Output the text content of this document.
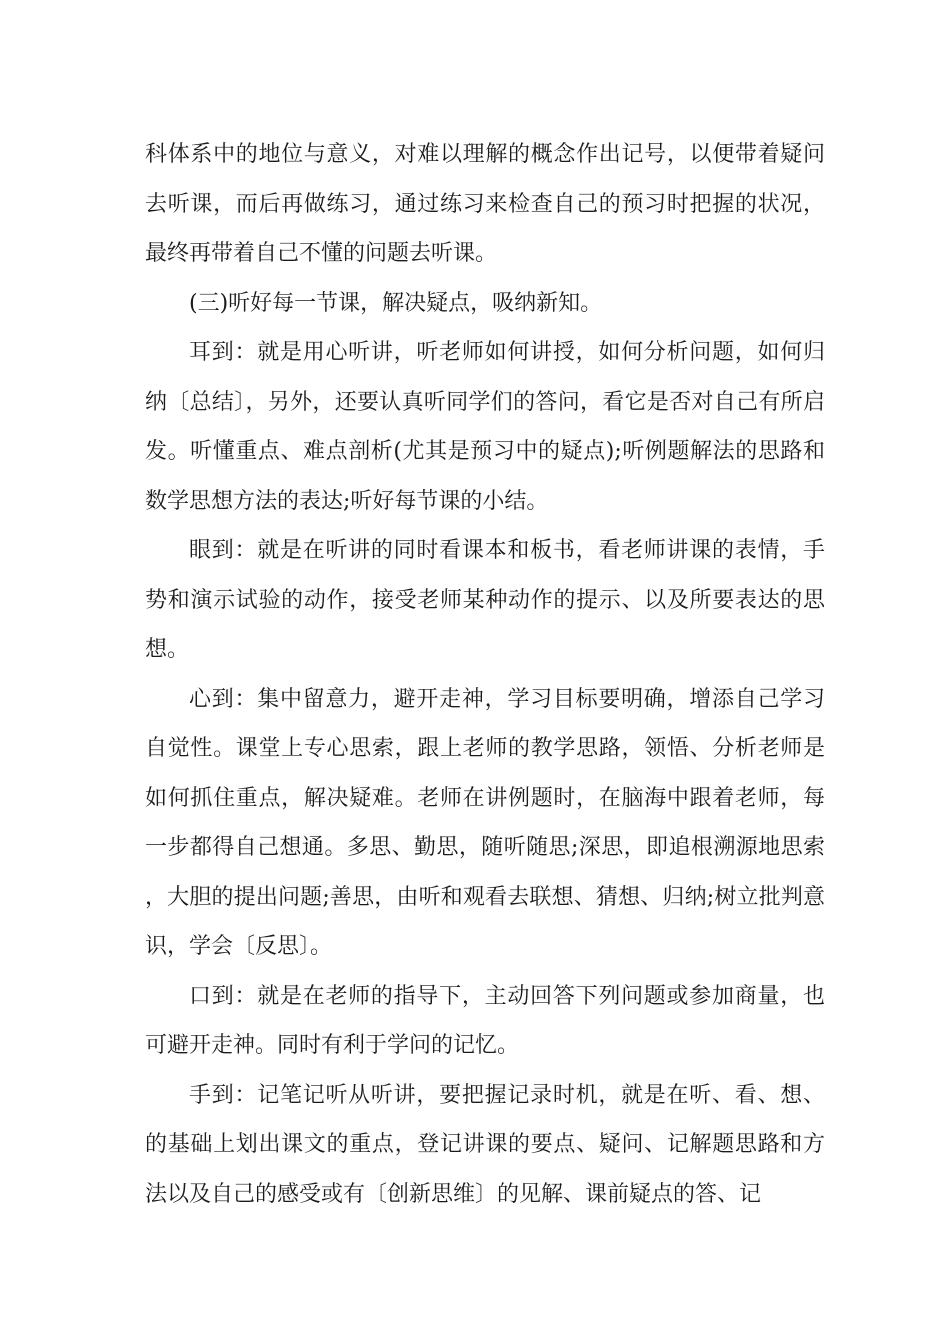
科体系中的地位与意义，对难以理解的概念作出记号，以便带着疑问去听课，而后再做练习，通过练习来检查自己的预习时把握的状况，最终再带着自己不懂的问题去听课。

(三)听好每一节课，解决疑点，吸纳新知。

耳到：就是用心听讲，听老师如何讲授，如何分析问题，如何归纳〔总结〕，另外，还要认真听同学们的答问，看它是否对自己有所启发。听懂重点、难点剖析(尤其是预习中的疑点);听例题解法的思路和数学思想方法的表达;听好每节课的小结。

眼到：就是在听讲的同时看课本和板书，看老师讲课的表情，手势和演示试验的动作，接受老师某种动作的提示、以及所要表达的思想。

心到：集中留意力，避开走神，学习目标要明确，增添自己学习自觉性。课堂上专心思索，跟上老师的教学思路，领悟、分析老师是如何抓住重点，解决疑难。老师在讲例题时，在脑海中跟着老师，每一步都得自己想通。多思、勤思，随听随思;深思，即追根溯源地思索，大胆的提出问题;善思，由听和观看去联想、猜想、归纳;树立批判意识，学会〔反思〕。

口到：就是在老师的指导下，主动回答下列问题或参加商量，也可避开走神。同时有利于学问的记忆。

手到：记笔记听从听讲，要把握记录时机，就是在听、看、想、的基础上划出课文的重点，登记讲课的要点、疑问、记解题思路和方法以及自己的感受或有〔创新思维〕的见解、课前疑点的答、记
